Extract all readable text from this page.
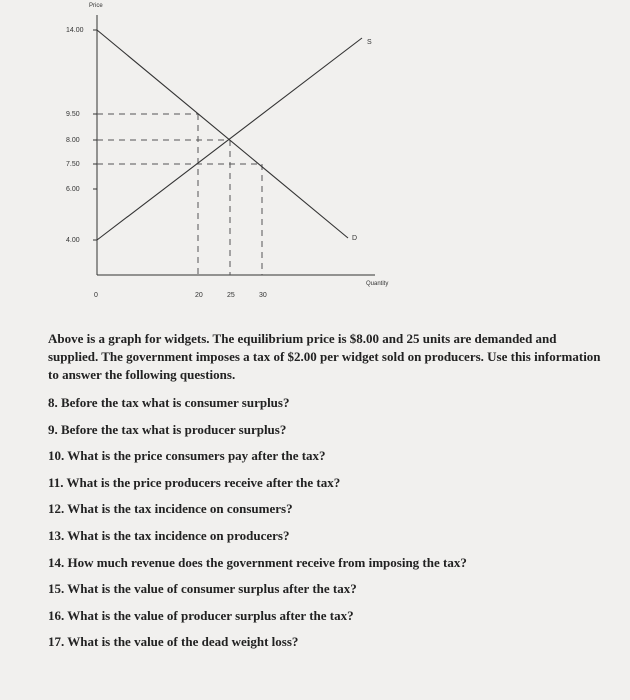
Price
Quantity
14.00
9.50
8.00
7.50
6.00
4.00
0	20	25	30
S
D

Above is a graph for widgets. The equilibrium price is $8.00 and 25 units are demanded and supplied. The government imposes a tax of $2.00 per widget sold on producers. Use this information to answer the following questions.

8. Before the tax what is consumer surplus?

9. Before the tax what is producer surplus?

10. What is the price consumers pay after the tax?

11. What is the price producers receive after the tax?

12. What is the tax incidence on consumers?

13. What is the tax incidence on producers?

14. How much revenue does the government receive from imposing the tax?

15. What is the value of consumer surplus after the tax?

16. What is the value of producer surplus after the tax?

17. What is the value of the dead weight loss?
